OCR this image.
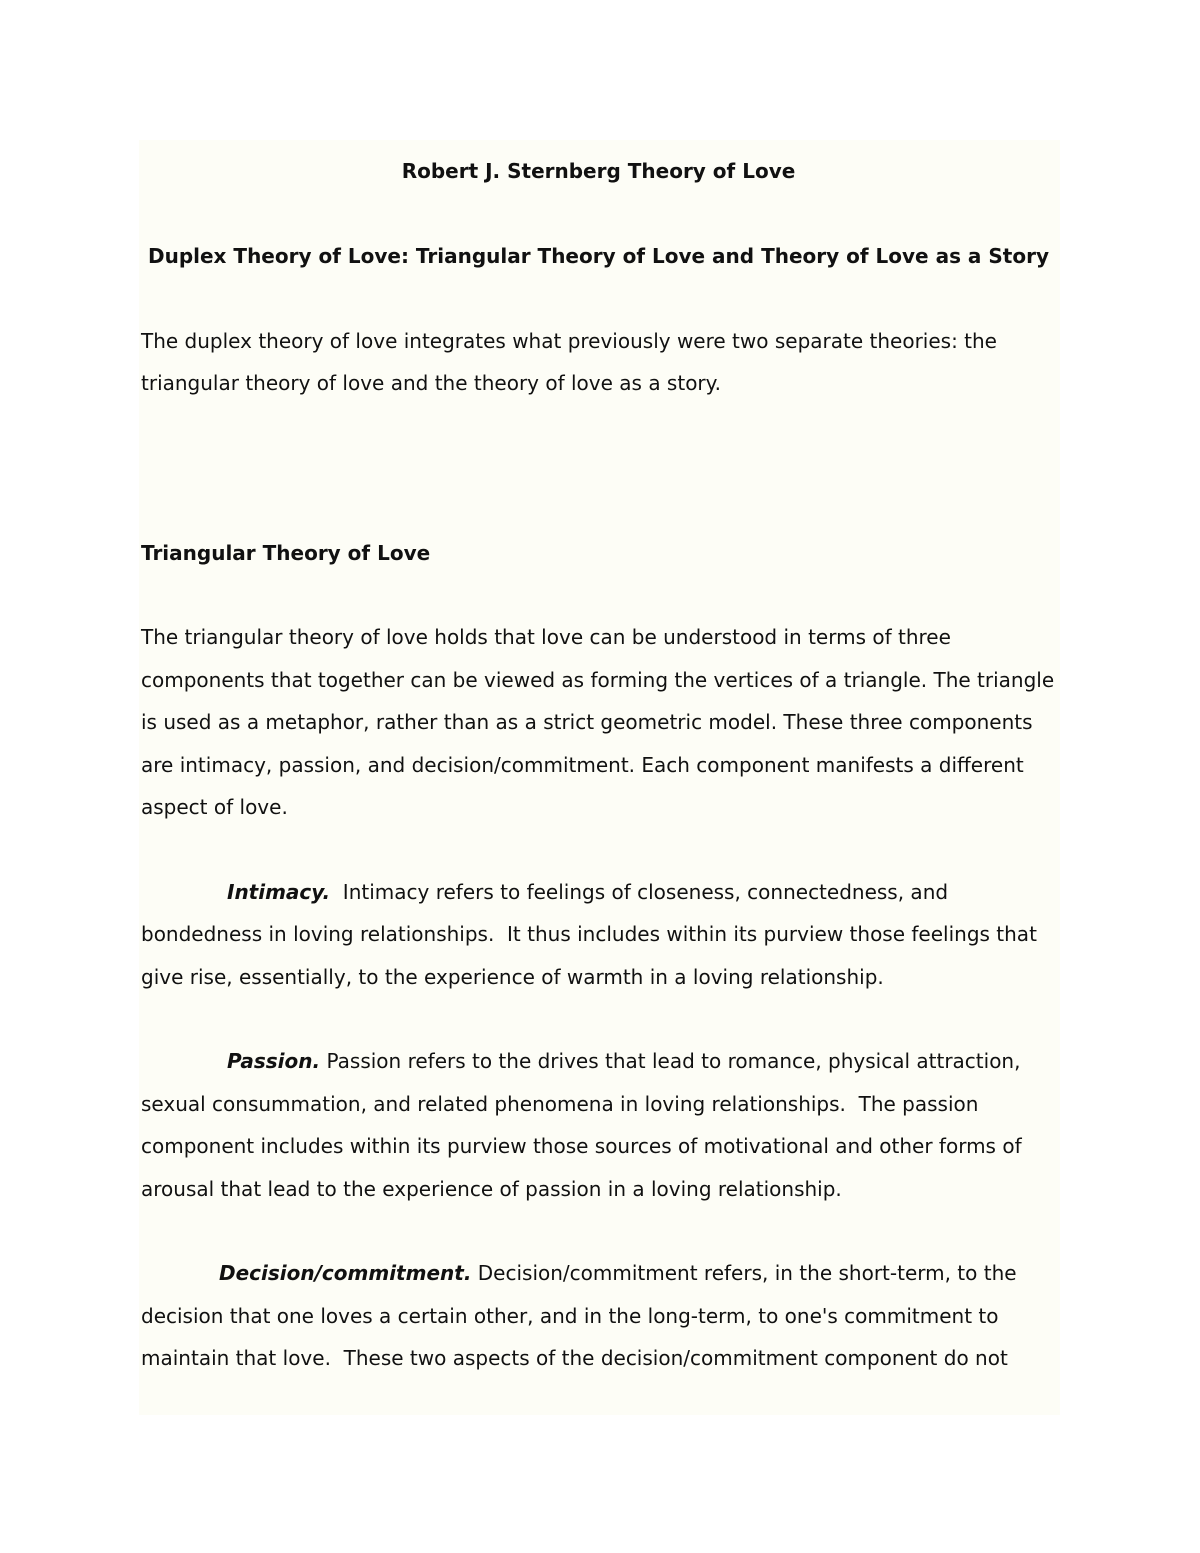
Robert J. Sternberg Theory of Love

Duplex Theory of Love: Triangular Theory of Love and Theory of Love as a Story

The duplex theory of love integrates what previously were two separate theories: the triangular theory of love and the theory of love as a story.

Triangular Theory of Love

The triangular theory of love holds that love can be understood in terms of three components that together can be viewed as forming the vertices of a triangle. The triangle is used as a metaphor, rather than as a strict geometric model. These three components are intimacy, passion, and decision/commitment. Each component manifests a different aspect of love.

Intimacy.  Intimacy refers to feelings of closeness, connectedness, and bondedness in loving relationships.  It thus includes within its purview those feelings that give rise, essentially, to the experience of warmth in a loving relationship.

Passion. Passion refers to the drives that lead to romance, physical attraction, sexual consummation, and related phenomena in loving relationships.  The passion component includes within its purview those sources of motivational and other forms of arousal that lead to the experience of passion in a loving relationship.

Decision/commitment. Decision/commitment refers, in the short-term, to the decision that one loves a certain other, and in the long-term, to one's commitment to maintain that love.  These two aspects of the decision/commitment component do not
